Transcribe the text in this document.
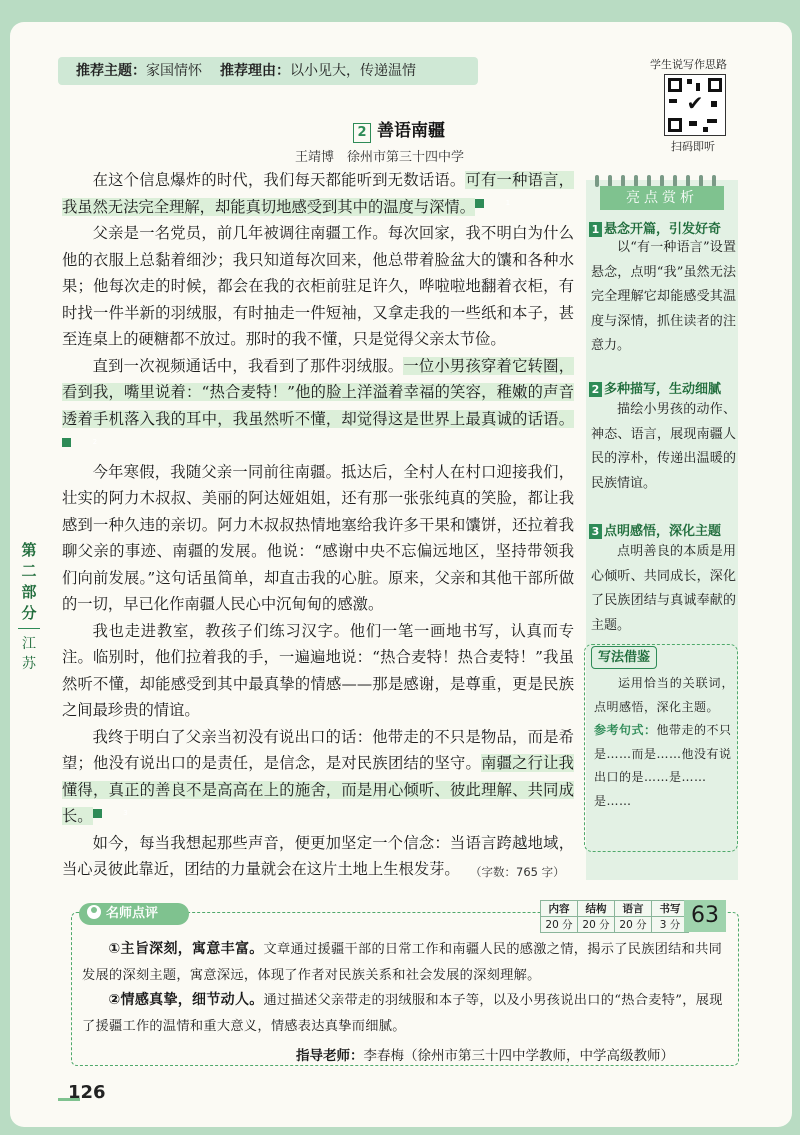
推荐主题：家国情怀 推荐理由：以小见大，传递温情	学生说写作思路
✔
扫码即听
2 善语南疆
王靖博　徐州市第三十四中学

在这个信息爆炸的时代，我们每天都能听到无数话语。可有一种语言，我虽然无法完全理解，却能真切地感受到其中的温度与深情。	1

父亲是一名党员，前几年被调往南疆工作。每次回家，我不明白为什么他的衣服上总黏着细沙；我只知道每次回来，他总带着脸盆大的馕和各种水果；他每次走的时候，都会在我的衣柜前驻足许久，哗啦啦地翻着衣柜，有时找一件半新的羽绒服，有时抽走一件短袖，又拿走我的一些纸和本子，甚至连桌上的硬糖都不放过。那时的我不懂，只是觉得父亲太节俭。

直到一次视频通话中，我看到了那件羽绒服。一位小男孩穿着它转圈，看到我，嘴里说着：“热合麦特！”他的脸上洋溢着幸福的笑容，稚嫩的声音透着手机落入我的耳中，我虽然听不懂，却觉得这是世界上最真诚的话语。2

今年寒假，我随父亲一同前往南疆。抵达后，全村人在村口迎接我们，壮实的阿力木叔叔、美丽的阿达娅姐姐，还有那一张张纯真的笑脸，都让我感到一种久违的亲切。阿力木叔叔热情地塞给我许多干果和馕饼，还拉着我聊父亲的事迹、南疆的发展。他说：“感谢中央不忘偏远地区，坚持带领我们向前发展。”这句话虽简单，却直击我的心脏。原来，父亲和其他干部所做的一切，早已化作南疆人民心中沉甸甸的感激。

我也走进教室，教孩子们练习汉字。他们一笔一画地书写，认真而专注。临别时，他们拉着我的手，一遍遍地说：“热合麦特！热合麦特！”我虽然听不懂，却能感受到其中最真挚的情感——那是感谢，是尊重，更是民族之间最珍贵的情谊。

我终于明白了父亲当初没有说出口的话：他带走的不只是物品，而是希望；他没有说出口的是责任，是信念，是对民族团结的坚守。南疆之行让我懂得，真正的善良不是高高在上的施舍，而是用心倾听、彼此理解、共同成长。	3

如今，每当我想起那些声音，便更加坚定一个信念：当语言跨越地域，当心灵彼此靠近，团结的力量就会在这片土地上生根发芽。 （字数：765 字）
亮点赏析
1 悬念开篇，引发好奇
以“有一种语言”设置悬念，点明“我”虽然无法完全理解它却能感受其温度与深情，抓住读者的注意力。
2 多种描写，生动细腻
描绘小男孩的动作、神态、语言，展现南疆人民的淳朴，传递出温暖的民族情谊。
3 点明感悟，深化主题
点明善良的本质是用心倾听、共同成长，深化了民族团结与真诚奉献的主题。
写法借鉴
运用恰当的关联词，点明感悟，深化主题。
参考句式：他带走的不只是……而是……他没有说出口的是……是……是……
第二部分
江苏
名师点评	内容	结构	语言	书写
20 分	20 分	20 分	3 分 63
①主旨深刻，寓意丰富。文章通过援疆干部的日常工作和南疆人民的感激之情，揭示了民族团结和共同发展的深刻主题，寓意深远，体现了作者对民族关系和社会发展的深刻理解。
②情感真挚，细节动人。通过描述父亲带走的羽绒服和本子等，以及小男孩说出口的“热合麦特”，展现了援疆工作的温情和重大意义，情感表达真挚而细腻。
指导老师：李春梅（徐州市第三十四中学教师，中学高级教师）
126
